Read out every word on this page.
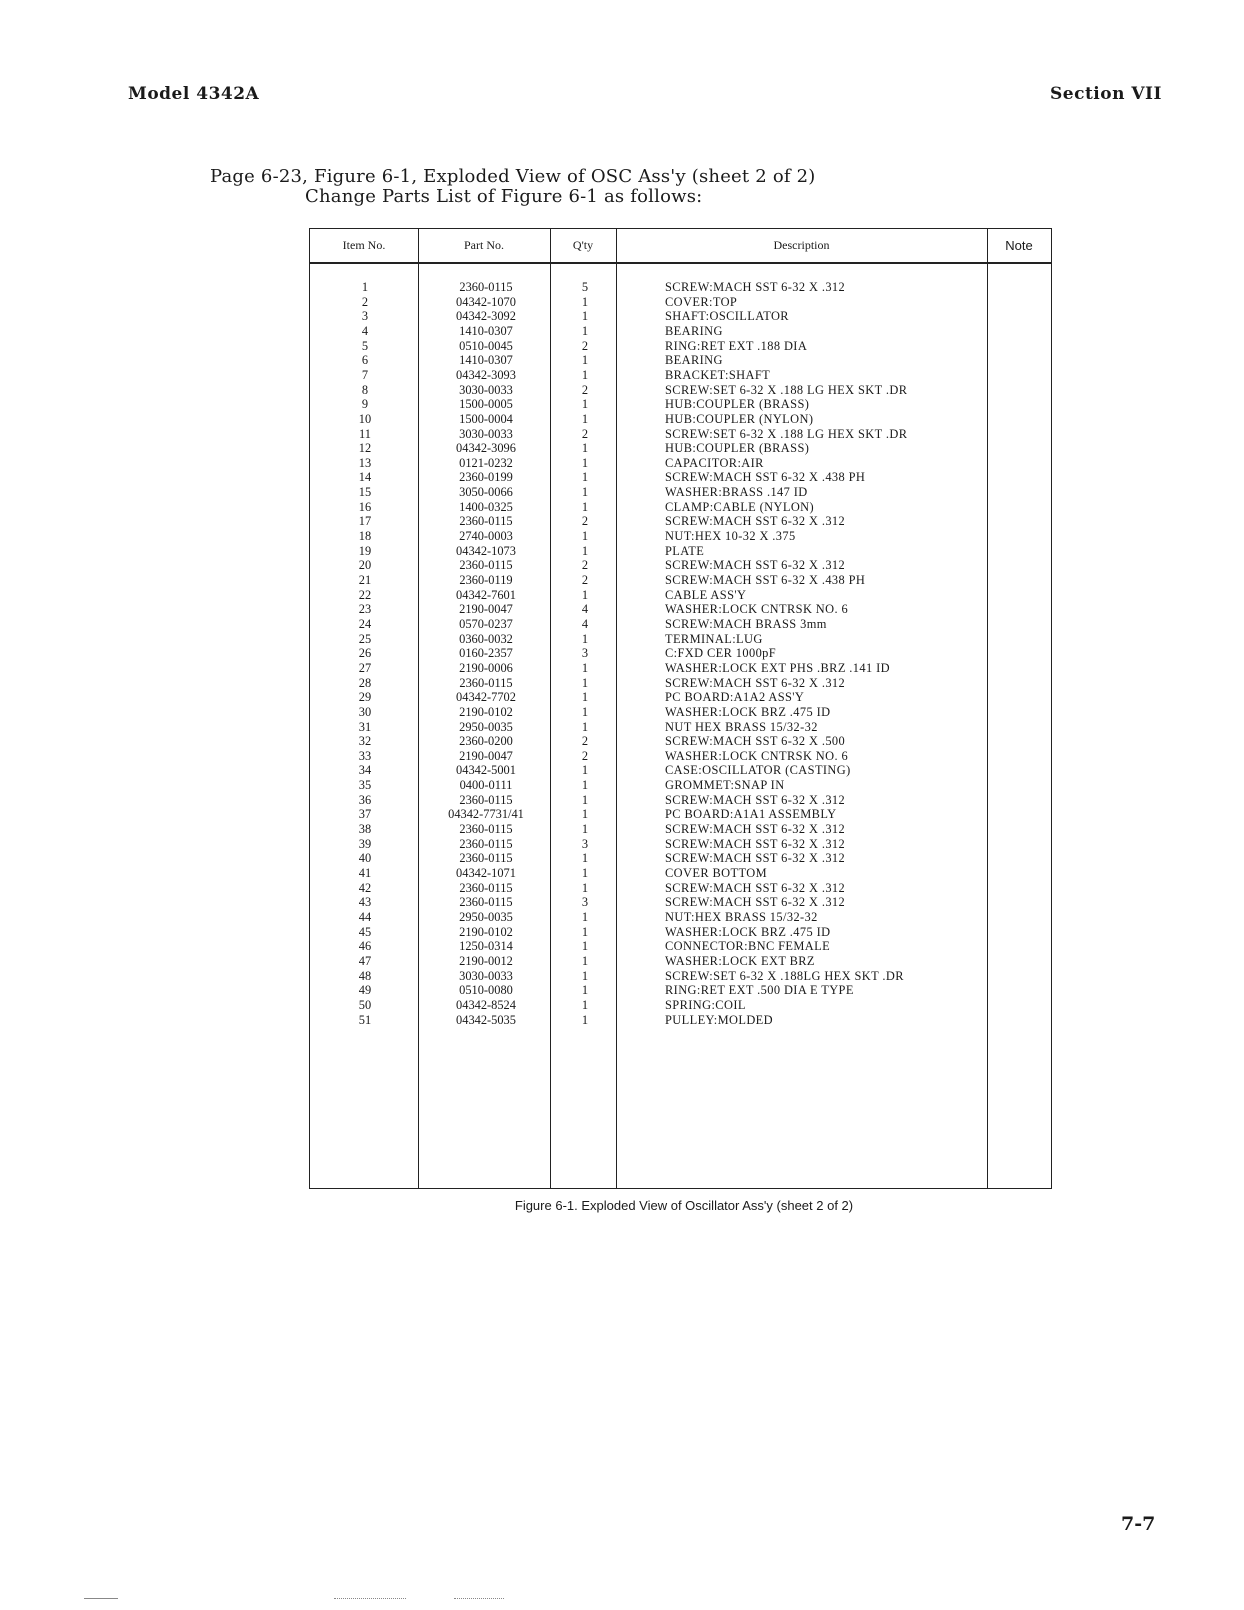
Model 4342A	Section VII
Page 6-23, Figure 6-1, Exploded View of OSC Ass'y (sheet 2 of 2)
Change Parts List of Figure 6-1 as follows:
Item No.	Part No.	Q'ty	Description	Note
1	2360-0115	5	SCREW:MACH SST 6-32 X .312
2	04342-1070	1	COVER:TOP
3	04342-3092	1	SHAFT:OSCILLATOR
4	1410-0307	1	BEARING
5	0510-0045	2	RING:RET EXT .188 DIA
6	1410-0307	1	BEARING
7	04342-3093	1	BRACKET:SHAFT
8	3030-0033	2	SCREW:SET 6-32 X .188 LG HEX SKT .DR
9	1500-0005	1	HUB:COUPLER (BRASS)
10	1500-0004	1	HUB:COUPLER (NYLON)
11	3030-0033	2	SCREW:SET 6-32 X .188 LG HEX SKT .DR
12	04342-3096	1	HUB:COUPLER (BRASS)
13	0121-0232	1	CAPACITOR:AIR
14	2360-0199	1	SCREW:MACH SST 6-32 X .438 PH
15	3050-0066	1	WASHER:BRASS .147 ID
16	1400-0325	1	CLAMP:CABLE (NYLON)
17	2360-0115	2	SCREW:MACH SST 6-32 X .312
18	2740-0003	1	NUT:HEX 10-32 X .375
19	04342-1073	1	PLATE
20	2360-0115	2	SCREW:MACH SST 6-32 X .312
21	2360-0119	2	SCREW:MACH SST 6-32 X .438 PH
22	04342-7601	1	CABLE ASS'Y
23	2190-0047	4	WASHER:LOCK CNTRSK NO. 6
24	0570-0237	4	SCREW:MACH BRASS 3mm
25	0360-0032	1	TERMINAL:LUG
26	0160-2357	3	C:FXD CER 1000pF
27	2190-0006	1	WASHER:LOCK EXT PHS .BRZ .141 ID
28	2360-0115	1	SCREW:MACH SST 6-32 X .312
29	04342-7702	1	PC BOARD:A1A2 ASS'Y
30	2190-0102	1	WASHER:LOCK BRZ .475 ID
31	2950-0035	1	NUT HEX BRASS 15/32-32
32	2360-0200	2	SCREW:MACH SST 6-32 X .500
33	2190-0047	2	WASHER:LOCK CNTRSK NO. 6
34	04342-5001	1	CASE:OSCILLATOR (CASTING)
35	0400-0111	1	GROMMET:SNAP IN
36	2360-0115	1	SCREW:MACH SST 6-32 X .312
37	04342-7731/41	1	PC BOARD:A1A1 ASSEMBLY
38	2360-0115	1	SCREW:MACH SST 6-32 X .312
39	2360-0115	3	SCREW:MACH SST 6-32 X .312
40	2360-0115	1	SCREW:MACH SST 6-32 X .312
41	04342-1071	1	COVER BOTTOM
42	2360-0115	1	SCREW:MACH SST 6-32 X .312
43	2360-0115	3	SCREW:MACH SST 6-32 X .312
44	2950-0035	1	NUT:HEX BRASS 15/32-32
45	2190-0102	1	WASHER:LOCK BRZ .475 ID
46	1250-0314	1	CONNECTOR:BNC FEMALE
47	2190-0012	1	WASHER:LOCK EXT BRZ
48	3030-0033	1	SCREW:SET 6-32 X .188LG HEX SKT .DR
49	0510-0080	1	RING:RET EXT .500 DIA E TYPE
50	04342-8524	1	SPRING:COIL
51	04342-5035	1	PULLEY:MOLDED
Figure 6-1. Exploded View of Oscillator Ass'y (sheet 2 of 2)
7-7
